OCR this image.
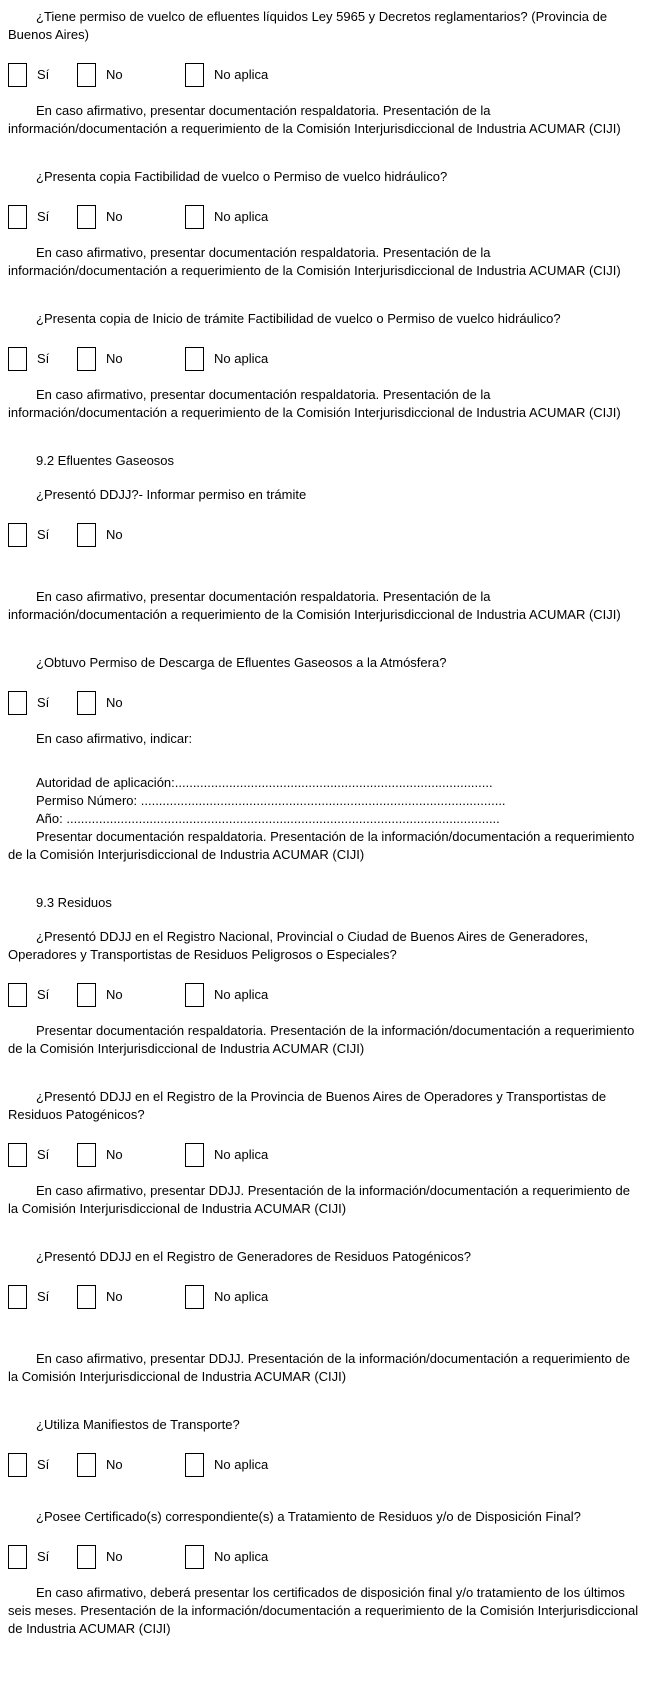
¿Tiene permiso de vuelco de efluentes líquidos Ley 5965 y Decretos reglamentarios? (Provincia de Buenos Aires)
Sí	No	No aplica
En caso afirmativo, presentar documentación respaldatoria. Presentación de la información/documentación a requerimiento de la Comisión Interjurisdiccional de Industria ACUMAR (CIJI)
¿Presenta copia Factibilidad de vuelco o Permiso de vuelco hidráulico?
Sí	No	No aplica
En caso afirmativo, presentar documentación respaldatoria. Presentación de la información/documentación a requerimiento de la Comisión Interjurisdiccional de Industria ACUMAR (CIJI)
¿Presenta copia de Inicio de trámite Factibilidad de vuelco o Permiso de vuelco hidráulico?
Sí	No	No aplica
En caso afirmativo, presentar documentación respaldatoria. Presentación de la información/documentación a requerimiento de la Comisión Interjurisdiccional de Industria ACUMAR (CIJI)
9.2 Efluentes Gaseosos
¿Presentó DDJJ?- Informar permiso en trámite
Sí	No
En caso afirmativo, presentar documentación respaldatoria. Presentación de la información/documentación a requerimiento de la Comisión Interjurisdiccional de Industria ACUMAR (CIJI)
¿Obtuvo Permiso de Descarga de Efluentes Gaseosos a la Atmósfera?
Sí	No
En caso afirmativo, indicar:
Autoridad de aplicación:........................................................................................
Permiso Número: .....................................................................................................
Año: ........................................................................................................................
Presentar documentación respaldatoria. Presentación de la información/documentación a requerimiento de la Comisión Interjurisdiccional de Industria ACUMAR (CIJI)
9.3 Residuos
¿Presentó DDJJ en el Registro Nacional, Provincial o Ciudad de Buenos Aires de Generadores, Operadores y Transportistas de Residuos Peligrosos o Especiales?
Sí	No	No aplica
Presentar documentación respaldatoria. Presentación de la información/documentación a requerimiento de la Comisión Interjurisdiccional de Industria ACUMAR (CIJI)
¿Presentó DDJJ en el Registro de la Provincia de Buenos Aires de Operadores y Transportistas de Residuos Patogénicos?
Sí	No	No aplica
En caso afirmativo, presentar DDJJ. Presentación de la información/documentación a requerimiento de la Comisión Interjurisdiccional de Industria ACUMAR (CIJI)
¿Presentó DDJJ en el Registro de Generadores de Residuos Patogénicos?
Sí	No	No aplica
En caso afirmativo, presentar DDJJ. Presentación de la información/documentación a requerimiento de la Comisión Interjurisdiccional de Industria ACUMAR (CIJI)
¿Utiliza Manifiestos de Transporte?
Sí	No	No aplica
¿Posee Certificado(s) correspondiente(s) a Tratamiento de Residuos y/o de Disposición Final?
Sí	No	No aplica
En caso afirmativo, deberá presentar los certificados de disposición final y/o tratamiento de los últimos seis meses. Presentación de la información/documentación a requerimiento de la Comisión Interjurisdiccional de Industria ACUMAR (CIJI)
